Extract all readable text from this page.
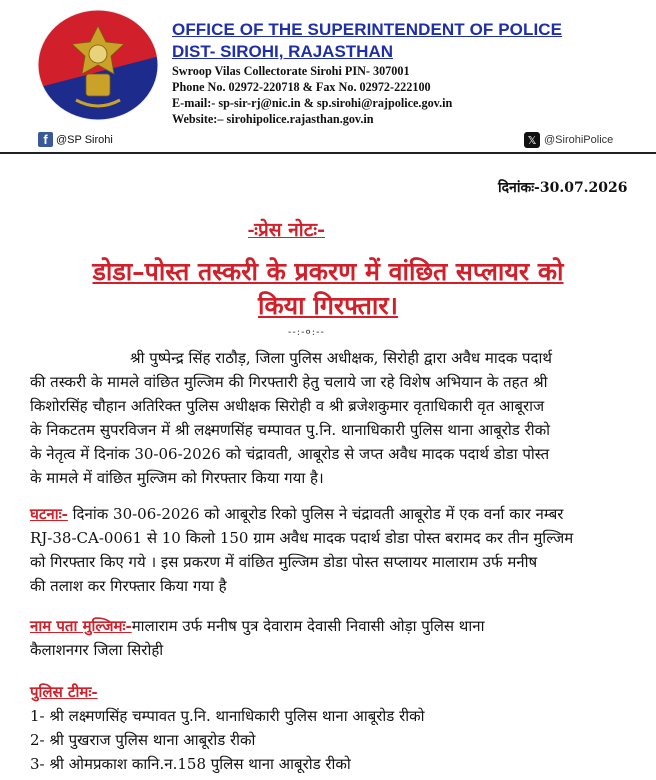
OFFICE OF THE SUPERINTENDENT OF POLICE
DIST- SIROHI, RAJASTHAN
Swroop Vilas Collectorate Sirohi PIN- 307001
Phone No. 02972-220718 & Fax No. 02972-222100
E-mail:- sp-sir-rj@nic.in & sp.sirohi@rajpolice.gov.in
Website:– sirohipolice.rajasthan.gov.in
f @SP Sirohi	𝕏 @SirohiPolice
दिनांकः-30.07.2026
-ःप्रेस नोटः-
डोडा–पोस्त तस्करी के प्रकरण में वांछित सप्लायर को
किया गिरफ्तार।
--:-०:--
श्री पुष्पेन्द्र सिंह राठौड़, जिला पुलिस अधीक्षक, सिरोही द्वारा अवैध मादक पदार्थ
की तस्करी के मामले वांछित मुल्जिम की गिरफ्तारी हेतु चलाये जा रहे विशेष अभियान के तहत श्री
किशोरसिंह चौहान अतिरिक्त पुलिस अधीक्षक सिरोही व श्री ब्रजेशकुमार वृताधिकारी वृत आबूराज
के निकटतम सुपरविजन में श्री लक्ष्मणसिंह चम्पावत पु.नि. थानाधिकारी पुलिस थाना आबूरोड रीको
के नेतृत्व में दिनांक 30-06-2026 को चंद्रावती, आबूरोड से जप्त अवैध मादक पदार्थ डोडा पोस्त
के मामले में वांछित मुल्जिम को गिरफ्तार किया गया है।
घटनाः- दिनांक 30-06-2026 को आबूरोड रिको पुलिस ने चंद्रावती आबूरोड में एक वर्ना कार नम्बर
RJ-38-CA-0061 से 10 किलो 150 ग्राम अवैध मादक पदार्थ डोडा पोस्त बरामद कर तीन मुल्जिम
को गिरफ्तार किए गये । इस प्रकरण में वांछित मुल्जिम डोडा पोस्त सप्लायर मालाराम उर्फ मनीष
की तलाश कर गिरफ्तार किया गया है
नाम पता मुल्जिमः-मालाराम उर्फ मनीष पुत्र देवाराम देवासी निवासी ओड़ा पुलिस थाना
कैलाशनगर जिला सिरोही
पुलिस टीमः-
1- श्री लक्ष्मणसिंह चम्पावत पु.नि. थानाधिकारी पुलिस थाना आबूरोड रीको
2- श्री पुखराज पुलिस थाना आबूरोड रीको
3- श्री ओमप्रकाश कानि.न.158 पुलिस थाना आबूरोड रीको
